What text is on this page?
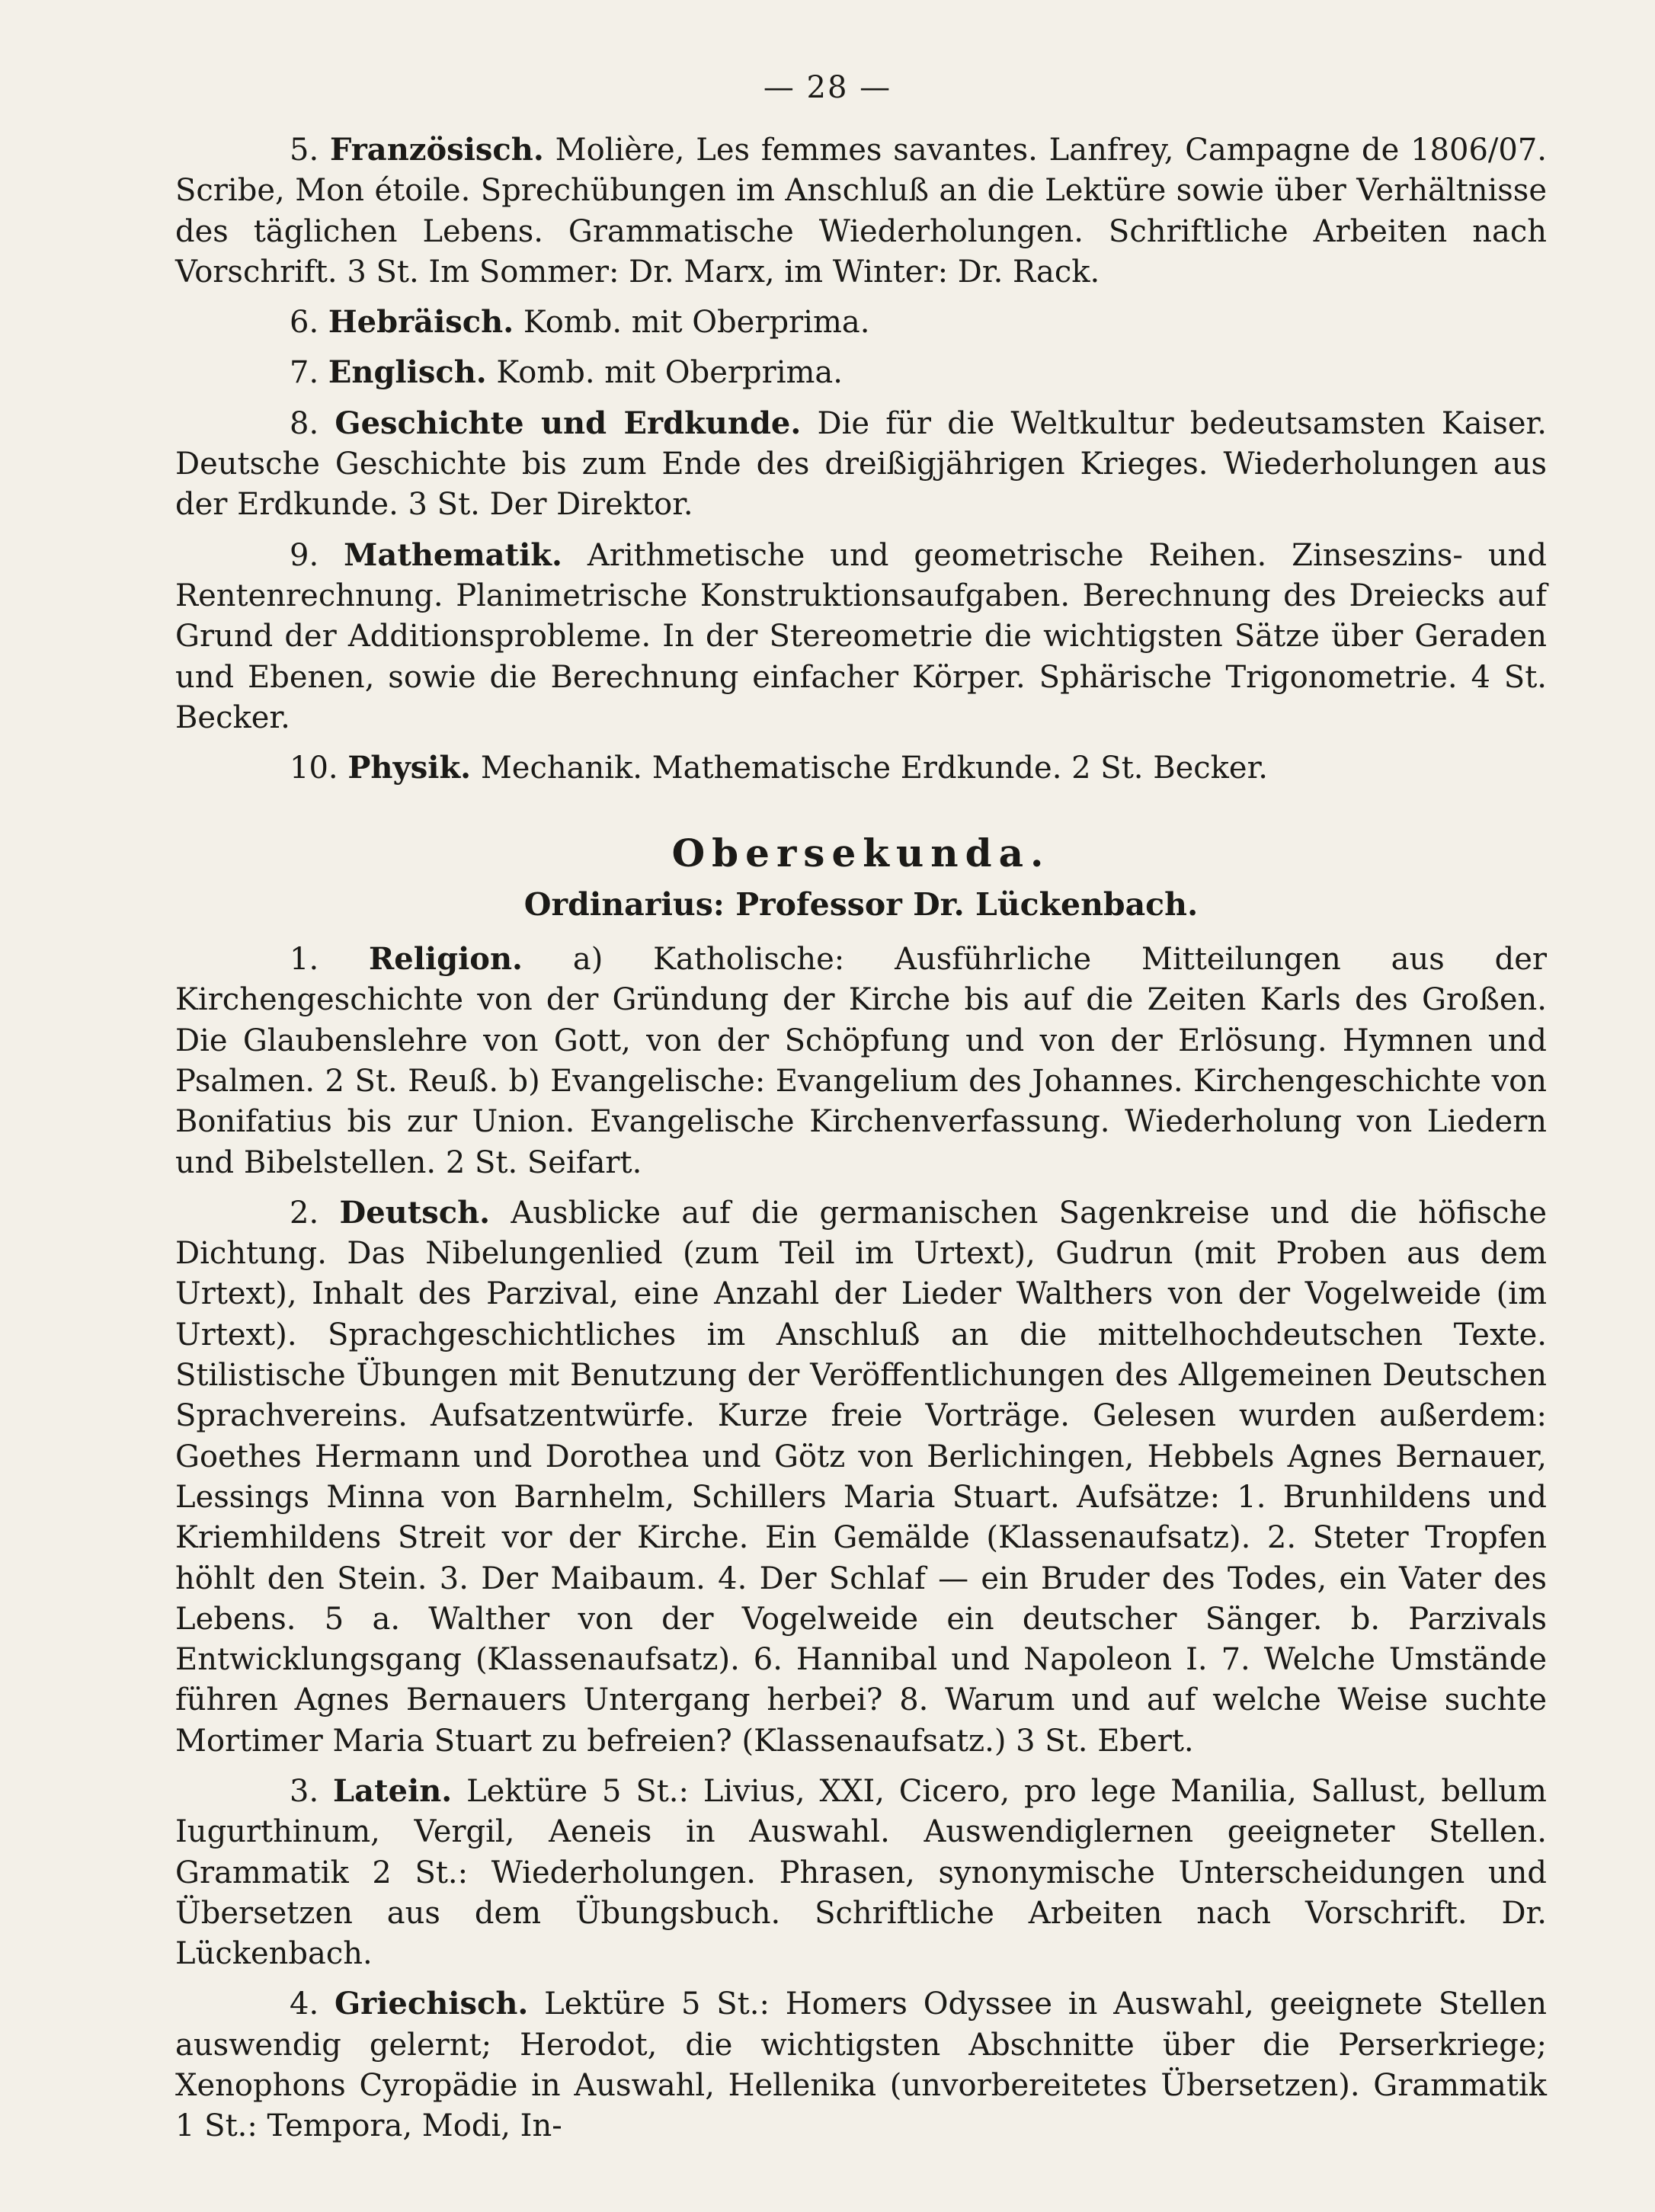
— 28 —

5. Französisch. Molière, Les femmes savantes. Lanfrey, Campagne de 1806/07. Scribe, Mon étoile. Sprechübungen im Anschluß an die Lektüre sowie über Verhältnisse des täglichen Lebens. Grammatische Wiederholungen. Schriftliche Arbeiten nach Vorschrift. 3 St. Im Sommer: Dr. Marx, im Winter: Dr. Rack.

6. Hebräisch. Komb. mit Oberprima.

7. Englisch. Komb. mit Oberprima.

8. Geschichte und Erdkunde. Die für die Weltkultur bedeutsamsten Kaiser. Deutsche Geschichte bis zum Ende des dreißigjährigen Krieges. Wiederholungen aus der Erdkunde. 3 St. Der Direktor.

9. Mathematik. Arithmetische und geometrische Reihen. Zinseszins- und Rentenrechnung. Planimetrische Konstruktionsaufgaben. Berechnung des Dreiecks auf Grund der Additionsprobleme. In der Stereometrie die wichtigsten Sätze über Geraden und Ebenen, sowie die Berechnung einfacher Körper. Sphärische Trigonometrie. 4 St. Becker.

10. Physik. Mechanik. Mathematische Erdkunde. 2 St. Becker.

Obersekunda.

Ordinarius: Professor Dr. Lückenbach.

1. Religion. a) Katholische: Ausführliche Mitteilungen aus der Kirchengeschichte von der Gründung der Kirche bis auf die Zeiten Karls des Großen. Die Glaubenslehre von Gott, von der Schöpfung und von der Erlösung. Hymnen und Psalmen. 2 St. Reuß. b) Evangelische: Evangelium des Johannes. Kirchengeschichte von Bonifatius bis zur Union. Evangelische Kirchenverfassung. Wiederholung von Liedern und Bibelstellen. 2 St. Seifart.

2. Deutsch. Ausblicke auf die germanischen Sagenkreise und die höfische Dichtung. Das Nibelungenlied (zum Teil im Urtext), Gudrun (mit Proben aus dem Urtext), Inhalt des Parzival, eine Anzahl der Lieder Walthers von der Vogelweide (im Urtext). Sprachgeschichtliches im Anschluß an die mittelhochdeutschen Texte. Stilistische Übungen mit Benutzung der Veröffentlichungen des Allgemeinen Deutschen Sprachvereins. Aufsatzentwürfe. Kurze freie Vorträge. Gelesen wurden außerdem: Goethes Hermann und Dorothea und Götz von Berlichingen, Hebbels Agnes Bernauer, Lessings Minna von Barnhelm, Schillers Maria Stuart. Aufsätze: 1. Brunhildens und Kriemhildens Streit vor der Kirche. Ein Gemälde (Klassenaufsatz). 2. Steter Tropfen höhlt den Stein. 3. Der Maibaum. 4. Der Schlaf — ein Bruder des Todes, ein Vater des Lebens. 5 a. Walther von der Vogelweide ein deutscher Sänger. b. Parzivals Entwicklungsgang (Klassenaufsatz). 6. Hannibal und Napoleon I. 7. Welche Umstände führen Agnes Bernauers Untergang herbei? 8. Warum und auf welche Weise suchte Mortimer Maria Stuart zu befreien? (Klassenaufsatz.) 3 St. Ebert.

3. Latein. Lektüre 5 St.: Livius, XXI, Cicero, pro lege Manilia, Sallust, bellum Iugurthinum, Vergil, Aeneis in Auswahl. Auswendiglernen geeigneter Stellen. Grammatik 2 St.: Wiederholungen. Phrasen, synonymische Unterscheidungen und Übersetzen aus dem Übungsbuch. Schriftliche Arbeiten nach Vorschrift. Dr. Lückenbach.

4. Griechisch. Lektüre 5 St.: Homers Odyssee in Auswahl, geeignete Stellen auswendig gelernt; Herodot, die wichtigsten Abschnitte über die Perserkriege; Xenophons Cyropädie in Auswahl, Hellenika (unvorbereitetes Übersetzen). Grammatik 1 St.: Tempora, Modi, In-
